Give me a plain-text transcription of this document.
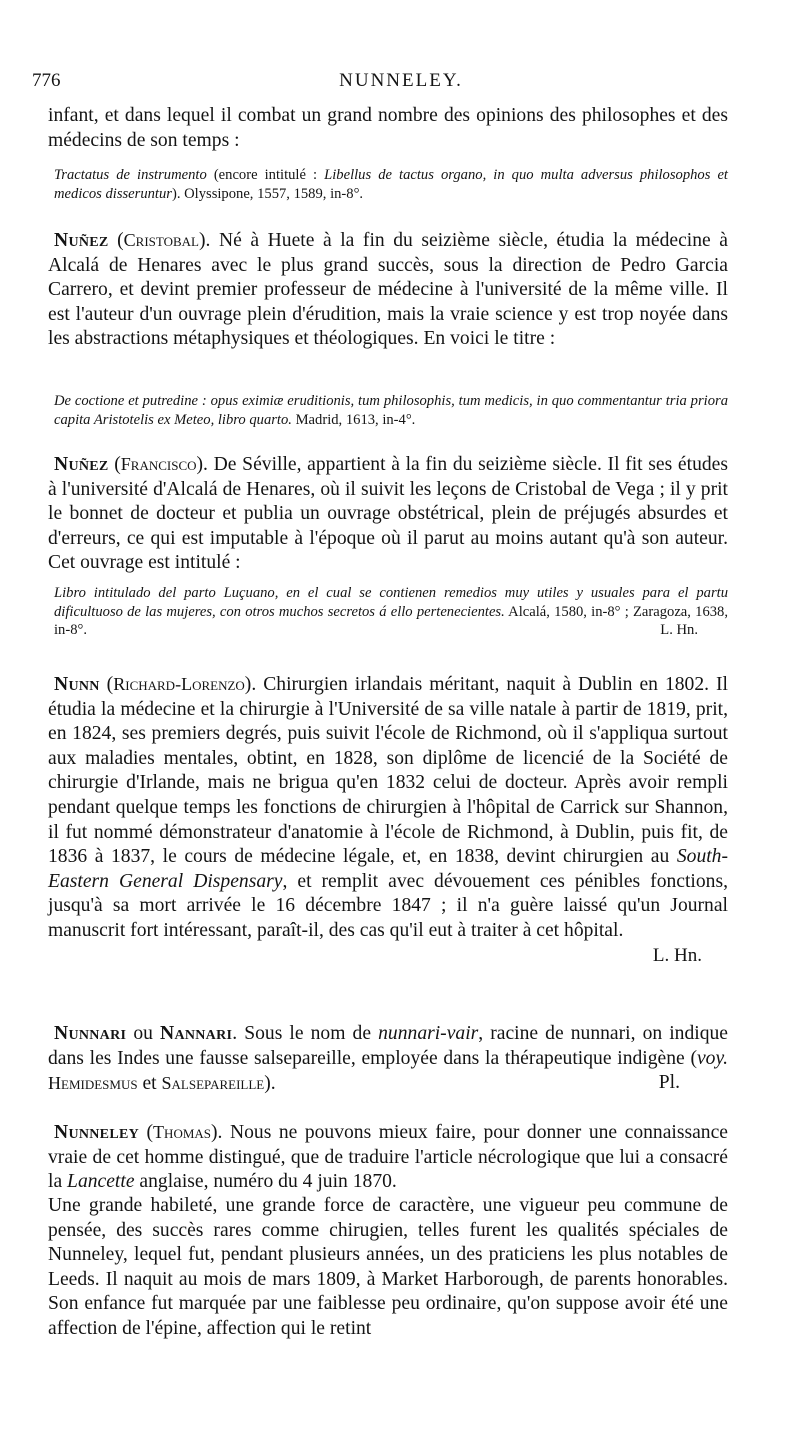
776	NUNNELEY.
infant, et dans lequel il combat un grand nombre des opinions des philosophes et des médecins de son temps :
Tractatus de instrumento (encore intitulé : Libellus de tactus organo, in quo multa adversus philosophos et medicos disseruntur). Olyssipone, 1557, 1589, in-8°.
Nuñez (Cristobal). Né à Huete à la fin du seizième siècle, étudia la médecine à Alcalá de Henares avec le plus grand succès, sous la direction de Pedro Garcia Carrero, et devint premier professeur de médecine à l'université de la même ville. Il est l'auteur d'un ouvrage plein d'érudition, mais la vraie science y est trop noyée dans les abstractions métaphysiques et théologiques. En voici le titre :
De coctione et putredine : opus eximiæ eruditionis, tum philosophis, tum medicis, in quo commentantur tria priora capita Aristotelis ex Meteo, libro quarto. Madrid, 1613, in-4°.
Nuñez (Francisco). De Séville, appartient à la fin du seizième siècle. Il fit ses études à l'université d'Alcalá de Henares, où il suivit les leçons de Cristobal de Vega ; il y prit le bonnet de docteur et publia un ouvrage obstétrical, plein de préjugés absurdes et d'erreurs, ce qui est imputable à l'époque où il parut au moins autant qu'à son auteur. Cet ouvrage est intitulé :
Libro intitulado del parto Luçuano, en el cual se contienen remedios muy utiles y usuales para el partu dificultuoso de las mujeres, con otros muchos secretos á ello pertenecientes. Alcalá, 1580, in-8° ; Zaragoza, 1638, in-8°.	L. Hn.
Nunn (Richard-Lorenzo). Chirurgien irlandais méritant, naquit à Dublin en 1802. Il étudia la médecine et la chirurgie à l'Université de sa ville natale à partir de 1819, prit, en 1824, ses premiers degrés, puis suivit l'école de Richmond, où il s'appliqua surtout aux maladies mentales, obtint, en 1828, son diplôme de licencié de la Société de chirurgie d'Irlande, mais ne brigua qu'en 1832 celui de docteur. Après avoir rempli pendant quelque temps les fonctions de chirurgien à l'hôpital de Carrick sur Shannon, il fut nommé démonstrateur d'anatomie à l'école de Richmond, à Dublin, puis fit, de 1836 à 1837, le cours de médecine légale, et, en 1838, devint chirurgien au South-Eastern General Dispensary, et remplit avec dévouement ces pénibles fonctions, jusqu'à sa mort arrivée le 16 décembre 1847 ; il n'a guère laissé qu'un Journal manuscrit fort intéressant, paraît-il, des cas qu'il eut à traiter à cet hôpital.
L. Hn.
Nunnari ou Nannari. Sous le nom de nunnari-vair, racine de nunnari, on indique dans les Indes une fausse salsepareille, employée dans la thérapeutique indigène (voy. Hemidesmus et Salsepareille).	Pl.
Nunneley (Thomas). Nous ne pouvons mieux faire, pour donner une connaissance vraie de cet homme distingué, que de traduire l'article nécrologique que lui a consacré la Lancette anglaise, numéro du 4 juin 1870.
Une grande habileté, une grande force de caractère, une vigueur peu commune de pensée, des succès rares comme chirugien, telles furent les qualités spéciales de Nunneley, lequel fut, pendant plusieurs années, un des praticiens les plus notables de Leeds. Il naquit au mois de mars 1809, à Market Harborough, de parents honorables. Son enfance fut marquée par une faiblesse peu ordinaire, qu'on suppose avoir été une affection de l'épine, affection qui le retint
